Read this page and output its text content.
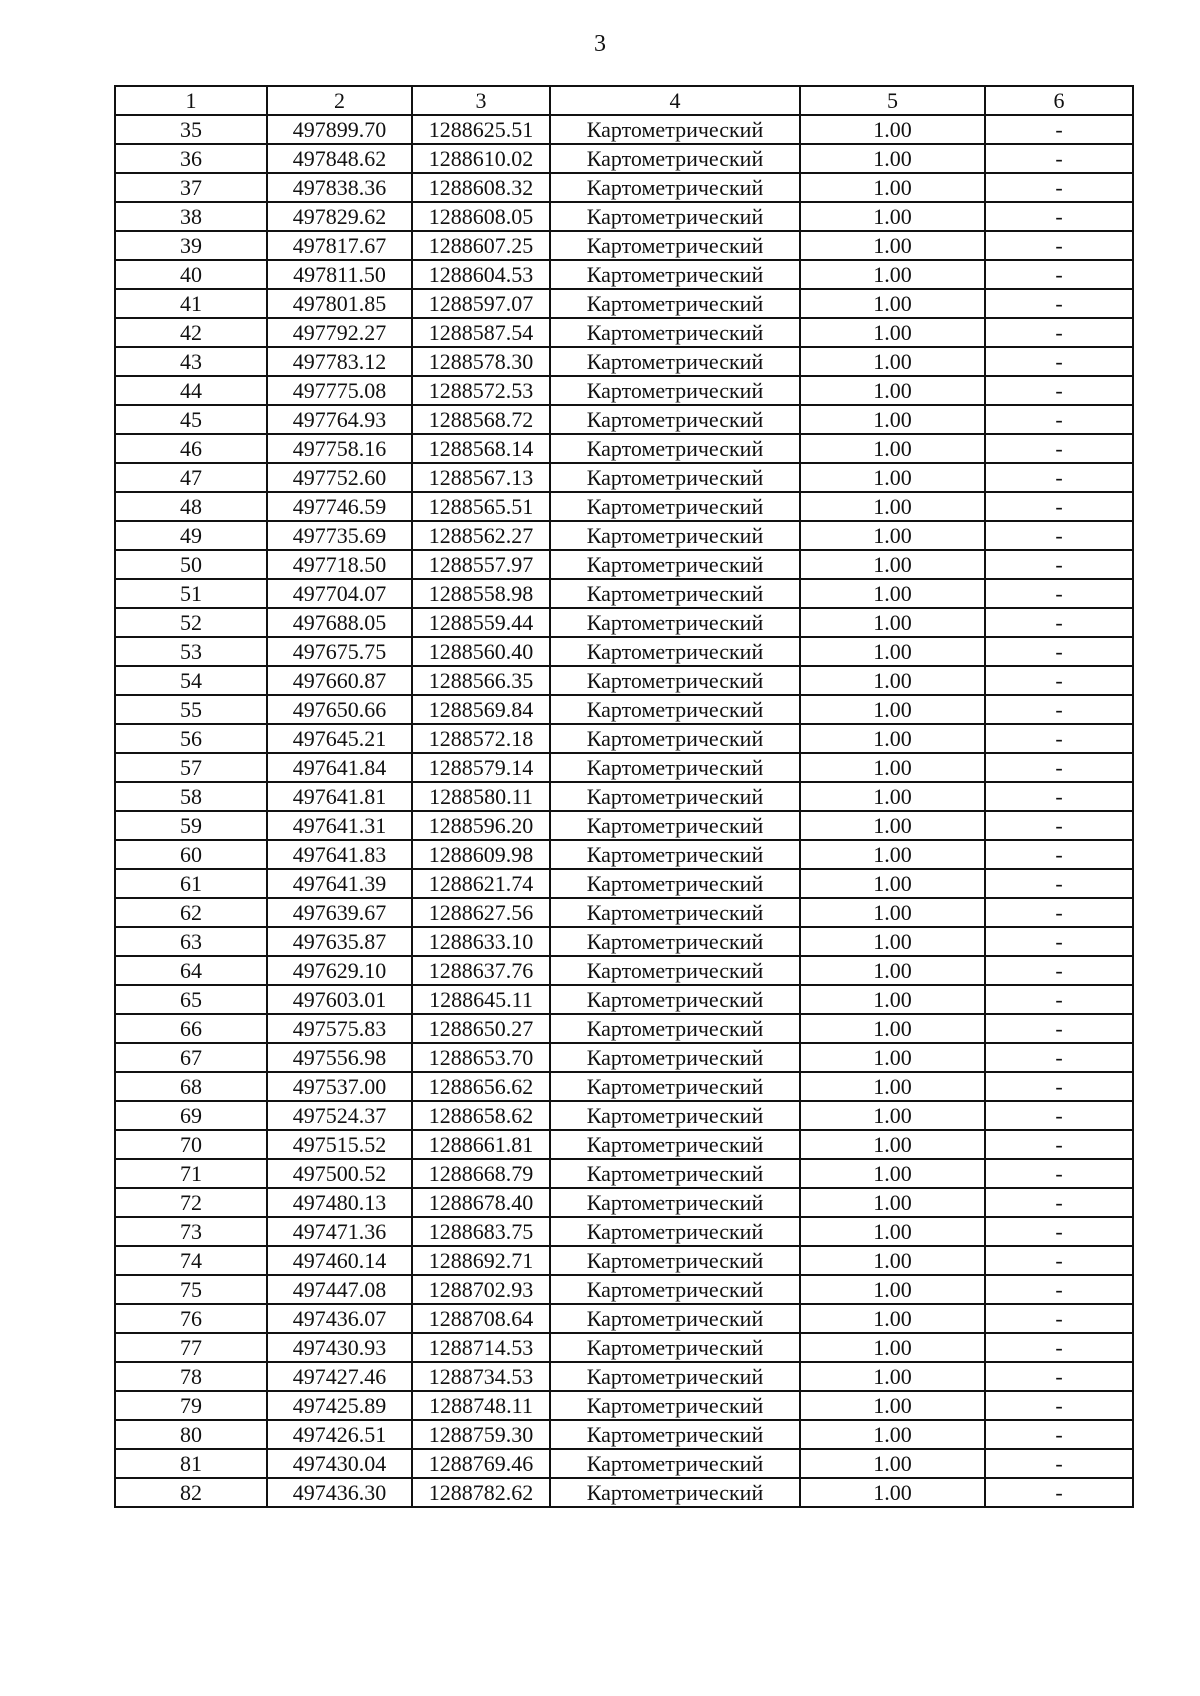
3
1	2	3	4	5	6
35	497899.70	1288625.51	Картометрический	1.00	-
36	497848.62	1288610.02	Картометрический	1.00	-
37	497838.36	1288608.32	Картометрический	1.00	-
38	497829.62	1288608.05	Картометрический	1.00	-
39	497817.67	1288607.25	Картометрический	1.00	-
40	497811.50	1288604.53	Картометрический	1.00	-
41	497801.85	1288597.07	Картометрический	1.00	-
42	497792.27	1288587.54	Картометрический	1.00	-
43	497783.12	1288578.30	Картометрический	1.00	-
44	497775.08	1288572.53	Картометрический	1.00	-
45	497764.93	1288568.72	Картометрический	1.00	-
46	497758.16	1288568.14	Картометрический	1.00	-
47	497752.60	1288567.13	Картометрический	1.00	-
48	497746.59	1288565.51	Картометрический	1.00	-
49	497735.69	1288562.27	Картометрический	1.00	-
50	497718.50	1288557.97	Картометрический	1.00	-
51	497704.07	1288558.98	Картометрический	1.00	-
52	497688.05	1288559.44	Картометрический	1.00	-
53	497675.75	1288560.40	Картометрический	1.00	-
54	497660.87	1288566.35	Картометрический	1.00	-
55	497650.66	1288569.84	Картометрический	1.00	-
56	497645.21	1288572.18	Картометрический	1.00	-
57	497641.84	1288579.14	Картометрический	1.00	-
58	497641.81	1288580.11	Картометрический	1.00	-
59	497641.31	1288596.20	Картометрический	1.00	-
60	497641.83	1288609.98	Картометрический	1.00	-
61	497641.39	1288621.74	Картометрический	1.00	-
62	497639.67	1288627.56	Картометрический	1.00	-
63	497635.87	1288633.10	Картометрический	1.00	-
64	497629.10	1288637.76	Картометрический	1.00	-
65	497603.01	1288645.11	Картометрический	1.00	-
66	497575.83	1288650.27	Картометрический	1.00	-
67	497556.98	1288653.70	Картометрический	1.00	-
68	497537.00	1288656.62	Картометрический	1.00	-
69	497524.37	1288658.62	Картометрический	1.00	-
70	497515.52	1288661.81	Картометрический	1.00	-
71	497500.52	1288668.79	Картометрический	1.00	-
72	497480.13	1288678.40	Картометрический	1.00	-
73	497471.36	1288683.75	Картометрический	1.00	-
74	497460.14	1288692.71	Картометрический	1.00	-
75	497447.08	1288702.93	Картометрический	1.00	-
76	497436.07	1288708.64	Картометрический	1.00	-
77	497430.93	1288714.53	Картометрический	1.00	-
78	497427.46	1288734.53	Картометрический	1.00	-
79	497425.89	1288748.11	Картометрический	1.00	-
80	497426.51	1288759.30	Картометрический	1.00	-
81	497430.04	1288769.46	Картометрический	1.00	-
82	497436.30	1288782.62	Картометрический	1.00	-
